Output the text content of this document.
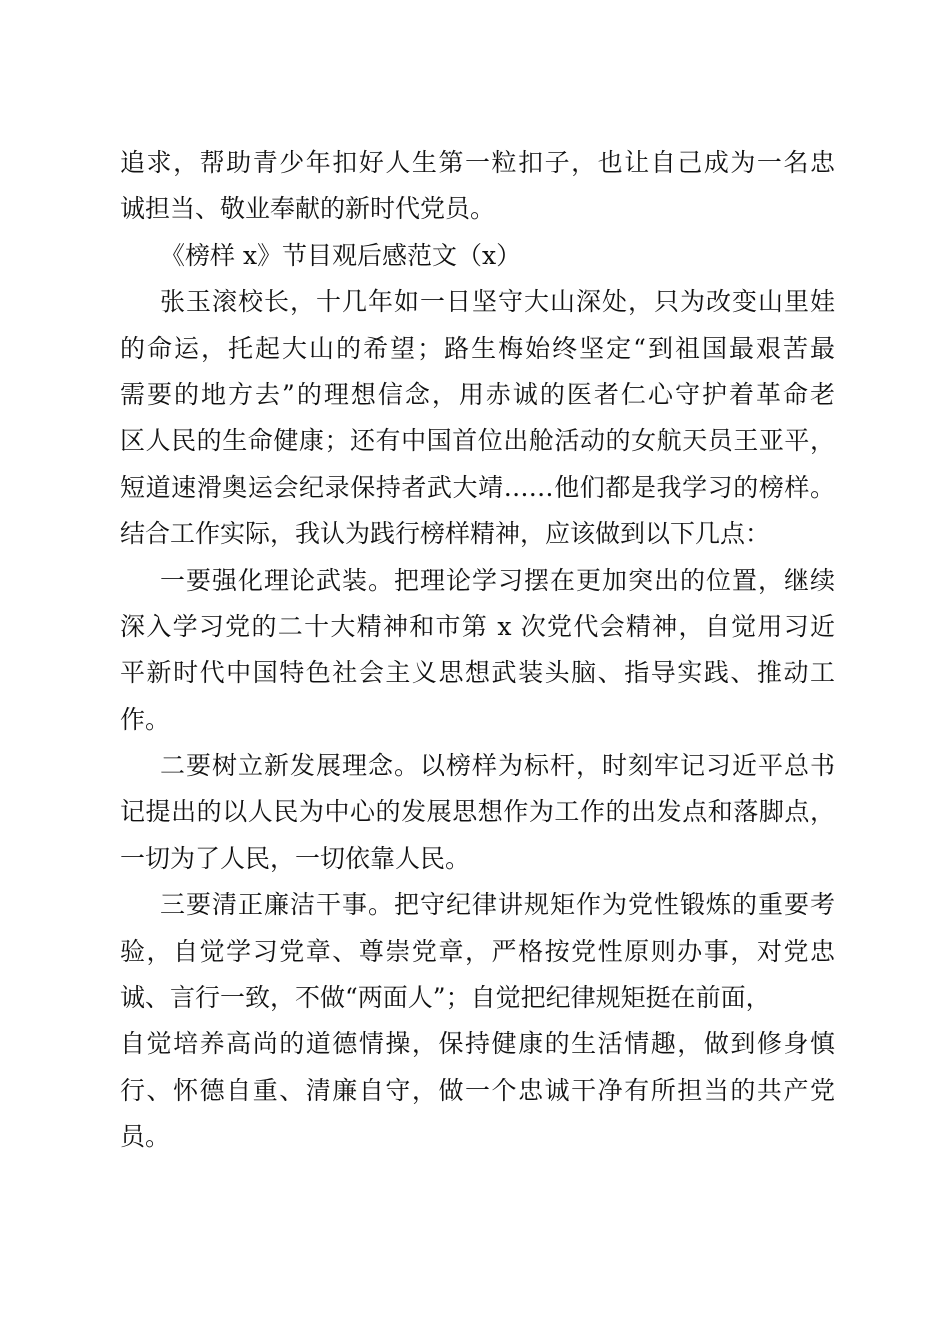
追求，帮助青少年扣好人生第一粒扣子，也让自己成为一名忠
诚担当、敬业奉献的新时代党员。
《榜样 x》节目观后感范文（x）
张玉滚校长，十几年如一日坚守大山深处，只为改变山里娃
的命运，托起大山的希望；路生梅始终坚定“到祖国最艰苦最
需要的地方去”的理想信念，用赤诚的医者仁心守护着革命老
区人民的生命健康；还有中国首位出舱活动的女航天员王亚平，
短道速滑奥运会纪录保持者武大靖……他们都是我学习的榜样。
结合工作实际，我认为践行榜样精神，应该做到以下几点：
一要强化理论武装。把理论学习摆在更加突出的位置，继续
深入学习党的二十大精神和市第 x 次党代会精神，自觉用习近
平新时代中国特色社会主义思想武装头脑、指导实践、推动工
作。
二要树立新发展理念。以榜样为标杆，时刻牢记习近平总书
记提出的以人民为中心的发展思想作为工作的出发点和落脚点，
一切为了人民，一切依靠人民。
三要清正廉洁干事。把守纪律讲规矩作为党性锻炼的重要考
验，自觉学习党章、尊崇党章，严格按党性原则办事，对党忠
诚、言行一致，不做“两面人”；自觉把纪律规矩挺在前面，
自觉培养高尚的道德情操，保持健康的生活情趣，做到修身慎
行、怀德自重、清廉自守，做一个忠诚干净有所担当的共产党
员。
